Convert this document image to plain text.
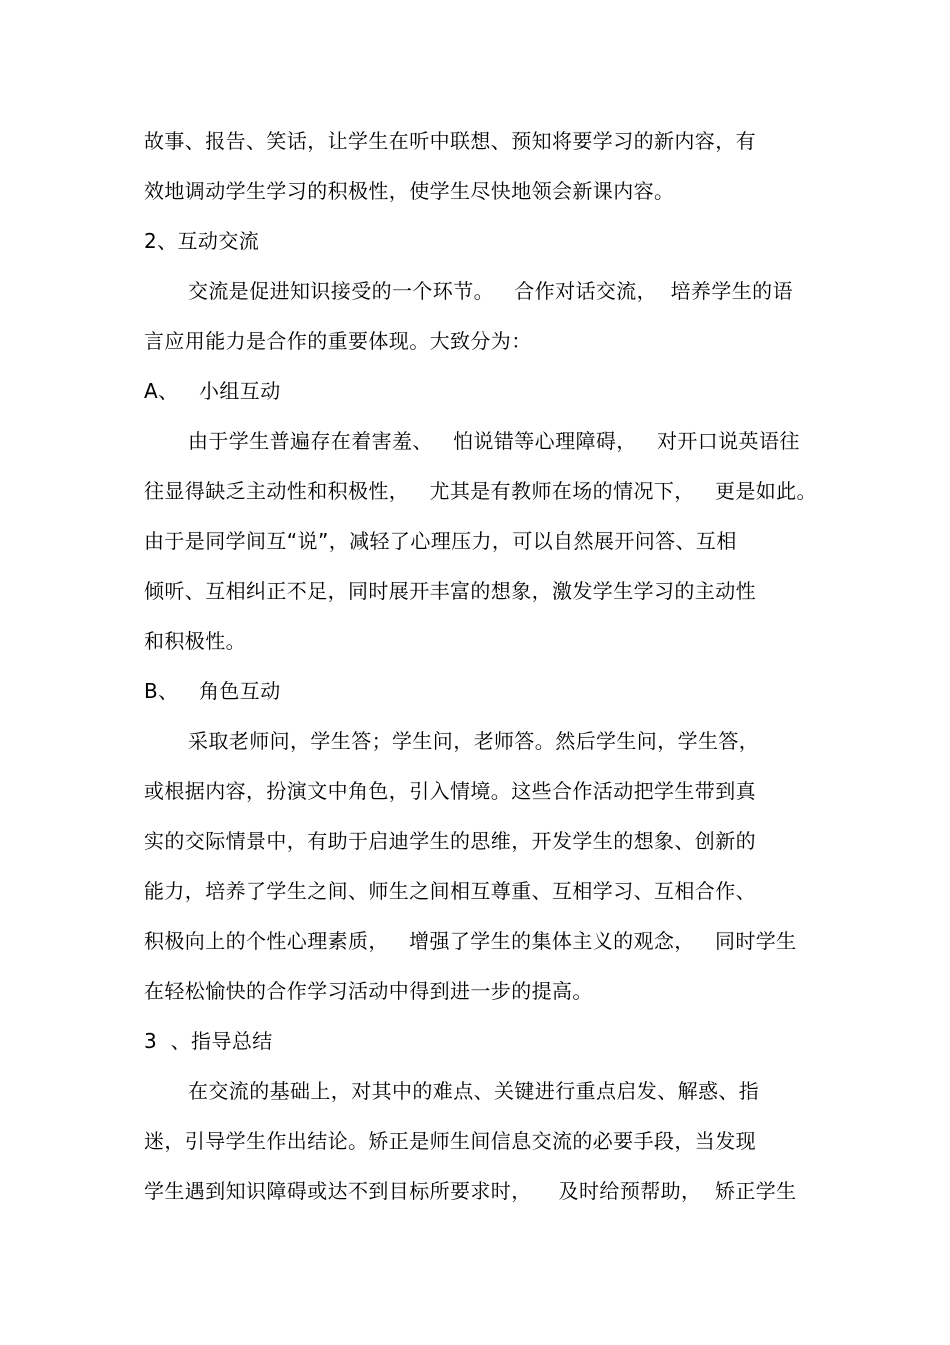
故事、报告、笑话，让学生在听中联想、预知将要学习的新内容，有
效地调动学生学习的积极性，使学生尽快地领会新课内容。
2、互动交流
交流是促进知识接受的一个环节。   合作对话交流，  培养学生的语
言应用能力是合作的重要体现。大致分为：
A、 小组互动
由于学生普遍存在着害羞、   怕说错等心理障碍，   对开口说英语往
往显得缺乏主动性和积极性，   尤其是有教师在场的情况下，   更是如此。
由于是同学间互“说”，减轻了心理压力，可以自然展开问答、互相
倾听、互相纠正不足，同时展开丰富的想象，激发学生学习的主动性
和积极性。
B、 角色互动
采取老师问，学生答；学生问，老师答。然后学生问，学生答，
或根据内容，扮演文中角色，引入情境。这些合作活动把学生带到真
实的交际情景中，有助于启迪学生的思维，开发学生的想象、创新的
能力，培养了学生之间、师生之间相互尊重、互相学习、互相合作、
积极向上的个性心理素质，   增强了学生的集体主义的观念，   同时学生
在轻松愉快的合作学习活动中得到进一步的提高。
3  、指导总结
在交流的基础上，对其中的难点、关键进行重点启发、解惑、指
迷，引导学生作出结论。矫正是师生间信息交流的必要手段，当发现
学生遇到知识障碍或达不到目标所要求时，    及时给预帮助，  矫正学生
